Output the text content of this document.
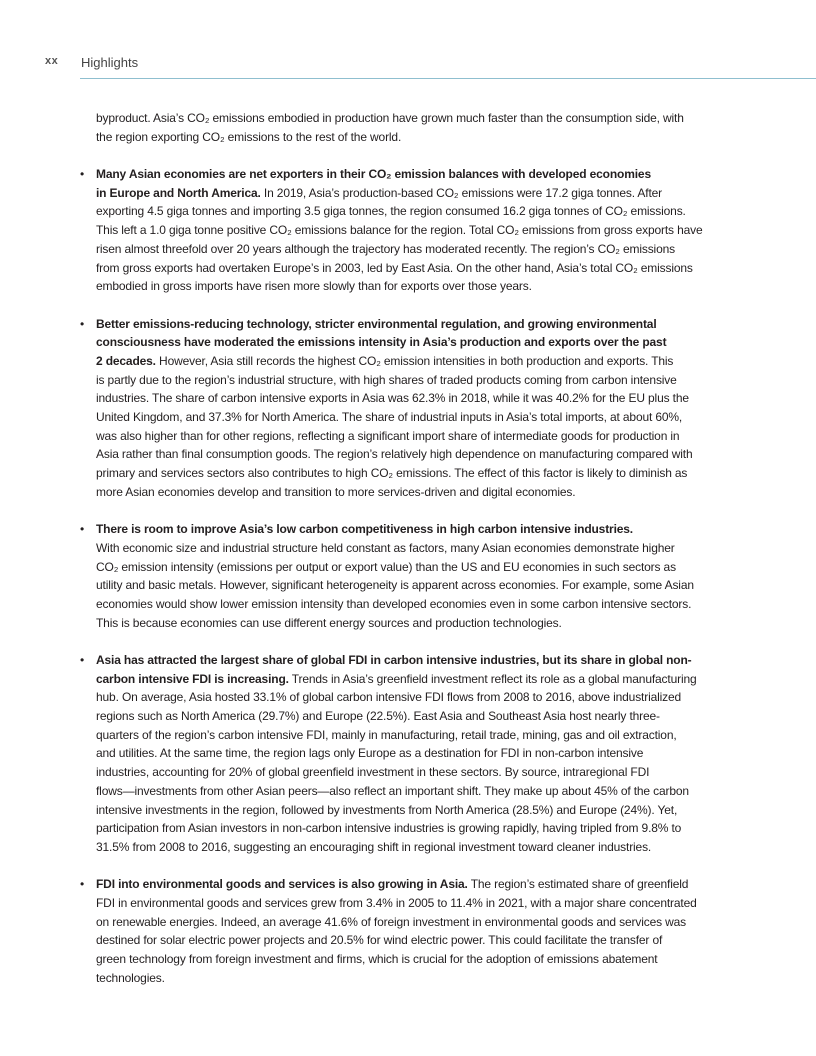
xx Highlights
byproduct. Asia’s CO₂ emissions embodied in production have grown much faster than the consumption side, with
the region exporting CO₂ emissions to the rest of the world.
• Many Asian economies are net exporters in their CO₂ emission balances with developed economies
in Europe and North America. In 2019, Asia’s production-based CO₂ emissions were 17.2 giga tonnes. After
exporting 4.5 giga tonnes and importing 3.5 giga tonnes, the region consumed 16.2 giga tonnes of CO₂ emissions.
This left a 1.0 giga tonne positive CO₂ emissions balance for the region. Total CO₂ emissions from gross exports have
risen almost threefold over 20 years although the trajectory has moderated recently. The region’s CO₂ emissions
from gross exports had overtaken Europe’s in 2003, led by East Asia. On the other hand, Asia’s total CO₂ emissions
embodied in gross imports have risen more slowly than for exports over those years.
• Better emissions-reducing technology, stricter environmental regulation, and growing environmental
consciousness have moderated the emissions intensity in Asia’s production and exports over the past
2 decades. However, Asia still records the highest CO₂ emission intensities in both production and exports. This
is partly due to the region’s industrial structure, with high shares of traded products coming from carbon intensive
industries. The share of carbon intensive exports in Asia was 62.3% in 2018, while it was 40.2% for the EU plus the
United Kingdom, and 37.3% for North America. The share of industrial inputs in Asia’s total imports, at about 60%,
was also higher than for other regions, reflecting a significant import share of intermediate goods for production in
Asia rather than final consumption goods. The region’s relatively high dependence on manufacturing compared with
primary and services sectors also contributes to high CO₂ emissions. The effect of this factor is likely to diminish as
more Asian economies develop and transition to more services-driven and digital economies.
• There is room to improve Asia’s low carbon competitiveness in high carbon intensive industries.
With economic size and industrial structure held constant as factors, many Asian economies demonstrate higher
CO₂ emission intensity (emissions per output or export value) than the US and EU economies in such sectors as
utility and basic metals. However, significant heterogeneity is apparent across economies. For example, some Asian
economies would show lower emission intensity than developed economies even in some carbon intensive sectors.
This is because economies can use different energy sources and production technologies.
• Asia has attracted the largest share of global FDI in carbon intensive industries, but its share in global non-
carbon intensive FDI is increasing. Trends in Asia’s greenfield investment reflect its role as a global manufacturing
hub. On average, Asia hosted 33.1% of global carbon intensive FDI flows from 2008 to 2016, above industrialized
regions such as North America (29.7%) and Europe (22.5%). East Asia and Southeast Asia host nearly three-
quarters of the region’s carbon intensive FDI, mainly in manufacturing, retail trade, mining, gas and oil extraction,
and utilities. At the same time, the region lags only Europe as a destination for FDI in non-carbon intensive
industries, accounting for 20% of global greenfield investment in these sectors. By source, intraregional FDI
flows—investments from other Asian peers—also reflect an important shift. They make up about 45% of the carbon
intensive investments in the region, followed by investments from North America (28.5%) and Europe (24%). Yet,
participation from Asian investors in non-carbon intensive industries is growing rapidly, having tripled from 9.8% to
31.5% from 2008 to 2016, suggesting an encouraging shift in regional investment toward cleaner industries.
• FDI into environmental goods and services is also growing in Asia. The region’s estimated share of greenfield
FDI in environmental goods and services grew from 3.4% in 2005 to 11.4% in 2021, with a major share concentrated
on renewable energies. Indeed, an average 41.6% of foreign investment in environmental goods and services was
destined for solar electric power projects and 20.5% for wind electric power. This could facilitate the transfer of
green technology from foreign investment and firms, which is crucial for the adoption of emissions abatement
technologies.
